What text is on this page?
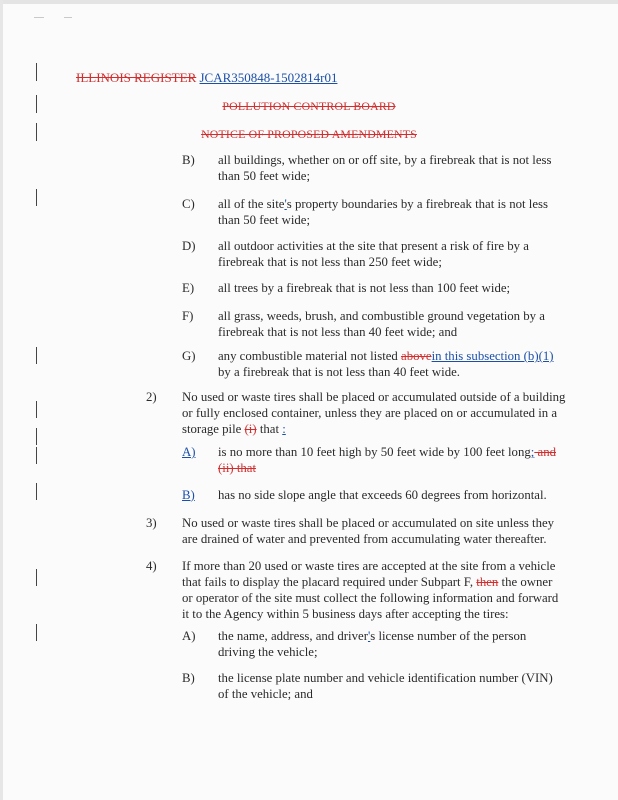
ILLINOIS REGISTER JCAR350848-1502814r01
POLLUTION CONTROL BOARD
NOTICE OF PROPOSED AMENDMENTS
B) all buildings, whether on or off site, by a firebreak that is not less
than 50 feet wide;
C) all of the site's property boundaries by a firebreak that is not less
than 50 feet wide;
D) all outdoor activities at the site that present a risk of fire by a
firebreak that is not less than 250 feet wide;
E) all trees by a firebreak that is not less than 100 feet wide;
F) all grass, weeds, brush, and combustible ground vegetation by a
firebreak that is not less than 40 feet wide; and
G) any combustible material not listed abovein this subsection (b)(1)
by a firebreak that is not less than 40 feet wide.
2) No used or waste tires shall be placed or accumulated outside of a building
or fully enclosed container, unless they are placed on or accumulated in a
storage pile (i) that :
A) is no more than 10 feet high by 50 feet wide by 100 feet long; and
(ii) that
B) has no side slope angle that exceeds 60 degrees from horizontal.
3) No used or waste tires shall be placed or accumulated on site unless they
are drained of water and prevented from accumulating water thereafter.
4) If more than 20 used or waste tires are accepted at the site from a vehicle
that fails to display the placard required under Subpart F, then the owner
or operator of the site must collect the following information and forward
it to the Agency within 5 business days after accepting the tires:
A) the name, address, and driver's license number of the person
driving the vehicle;
B) the license plate number and vehicle identification number (VIN)
of the vehicle; and
